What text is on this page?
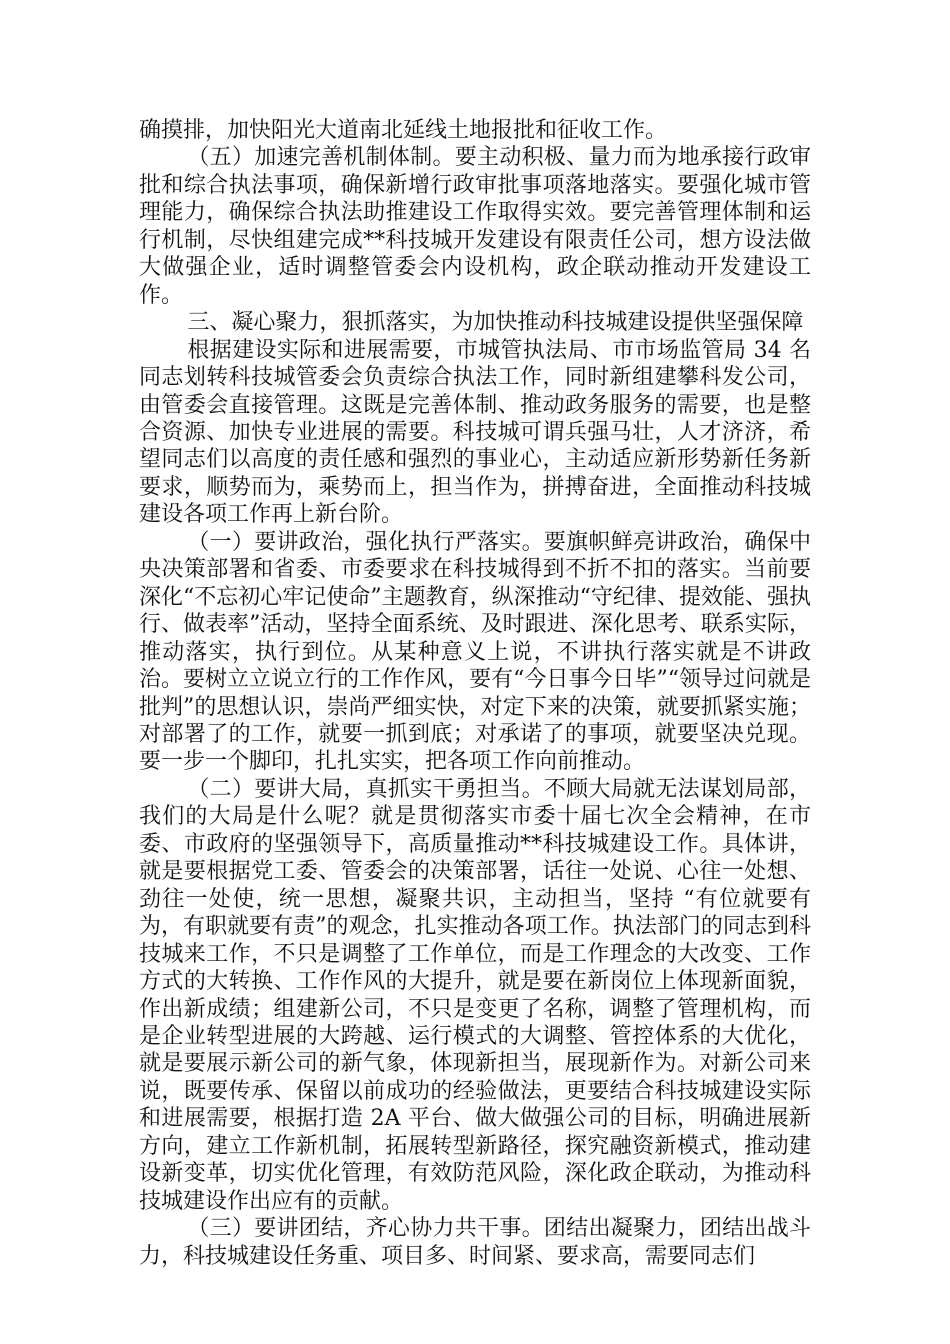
确摸排，加快阳光大道南北延线土地报批和征收工作。

（五）加速完善机制体制。要主动积极、量力而为地承接行政审批和综合执法事项，确保新增行政审批事项落地落实。要强化城市管理能力，确保综合执法助推建设工作取得实效。要完善管理体制和运行机制，尽快组建完成**科技城开发建设有限责任公司，想方设法做大做强企业，适时调整管委会内设机构，政企联动推动开发建设工作。

三、凝心聚力，狠抓落实，为加快推动科技城建设提供坚强保障

根据建设实际和进展需要，市城管执法局、市市场监管局 34 名同志划转科技城管委会负责综合执法工作，同时新组建攀科发公司，由管委会直接管理。这既是完善体制、推动政务服务的需要，也是整合资源、加快专业进展的需要。科技城可谓兵强马壮，人才济济，希望同志们以高度的责任感和强烈的事业心，主动适应新形势新任务新要求，顺势而为，乘势而上，担当作为，拼搏奋进，全面推动科技城建设各项工作再上新台阶。

（一）要讲政治，强化执行严落实。要旗帜鲜亮讲政治，确保中央决策部署和省委、市委要求在科技城得到不折不扣的落实。当前要深化“不忘初心牢记使命”主题教育，纵深推动“守纪律、提效能、强执行、做表率”活动，坚持全面系统、及时跟进、深化思考、联系实际，推动落实，执行到位。从某种意义上说，不讲执行落实就是不讲政治。要树立立说立行的工作作风，要有“今日事今日毕”“领导过问就是批判”的思想认识，崇尚严细实快，对定下来的决策，就要抓紧实施；对部署了的工作，就要一抓到底；对承诺了的事项，就要坚决兑现。要一步一个脚印，扎扎实实，把各项工作向前推动。

（二）要讲大局，真抓实干勇担当。不顾大局就无法谋划局部，我们的大局是什么呢？就是贯彻落实市委十届七次全会精神，在市委、市政府的坚强领导下，高质量推动**科技城建设工作。具体讲，就是要根据党工委、管委会的决策部署，话往一处说、心往一处想、劲往一处使，统一思想，凝聚共识，主动担当，坚持 “有位就要有为，有职就要有责”的观念，扎实推动各项工作。执法部门的同志到科技城来工作，不只是调整了工作单位，而是工作理念的大改变、工作方式的大转换、工作作风的大提升，就是要在新岗位上体现新面貌，作出新成绩；组建新公司，不只是变更了名称，调整了管理机构，而是企业转型进展的大跨越、运行模式的大调整、管控体系的大优化，就是要展示新公司的新气象，体现新担当，展现新作为。对新公司来说，既要传承、保留以前成功的经验做法，更要结合科技城建设实际和进展需要，根据打造 2A 平台、做大做强公司的目标，明确进展新方向，建立工作新机制，拓展转型新路径，探究融资新模式，推动建设新变革，切实优化管理，有效防范风险，深化政企联动，为推动科技城建设作出应有的贡献。

（三）要讲团结，齐心协力共干事。团结出凝聚力，团结出战斗力，科技城建设任务重、项目多、时间紧、要求高，需要同志们
